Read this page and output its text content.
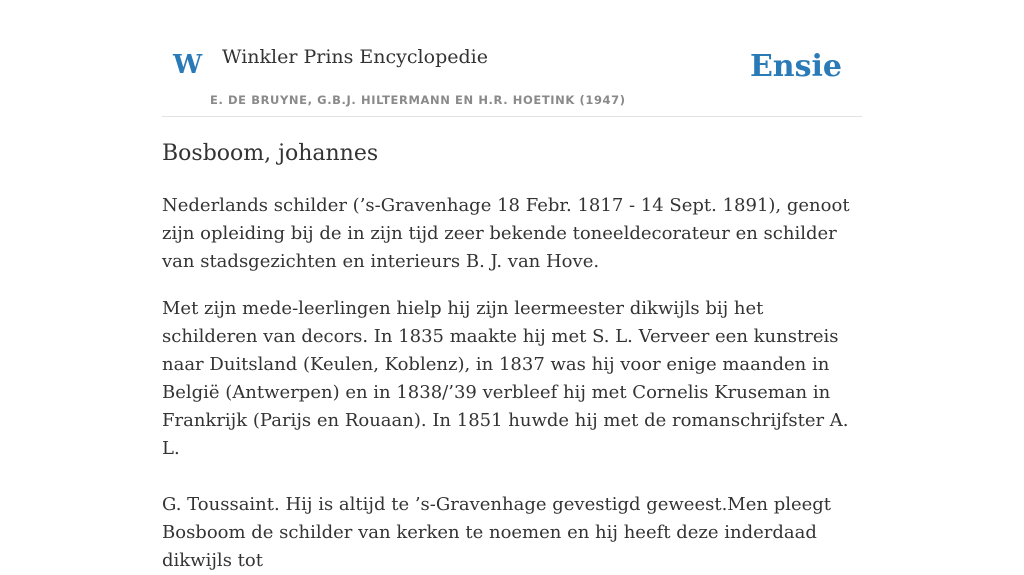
W Winkler Prins Encyclopedie
E. DE BRUYNE, G.B.J. HILTERMANN EN H.R. HOETINK (1947)
Ensie
Bosboom, johannes

Nederlands schilder (’s-Gravenhage 18 Febr. 1817 - 14 Sept. 1891), genoot zijn opleiding bij de in zijn tijd zeer bekende toneeldecorateur en schilder van stadsgezichten en interieurs B. J. van Hove.

Met zijn mede-leerlingen hielp hij zijn leermeester dikwijls bij het schilderen van decors. In 1835 maakte hij met S. L. Verveer een kunstreis naar Duitsland (Keulen, Koblenz), in 1837 was hij voor enige maanden in België (Antwerpen) en in 1838/’39 verbleef hij met Cornelis Kruseman in Frankrijk (Parijs en Rouaan). In 1851 huwde hij met de romanschrijfster A. L.

G. Toussaint. Hij is altijd te ’s-Gravenhage gevestigd geweest.Men pleegt Bosboom de schilder van kerken te noemen en hij heeft deze inderdaad dikwijls tot
